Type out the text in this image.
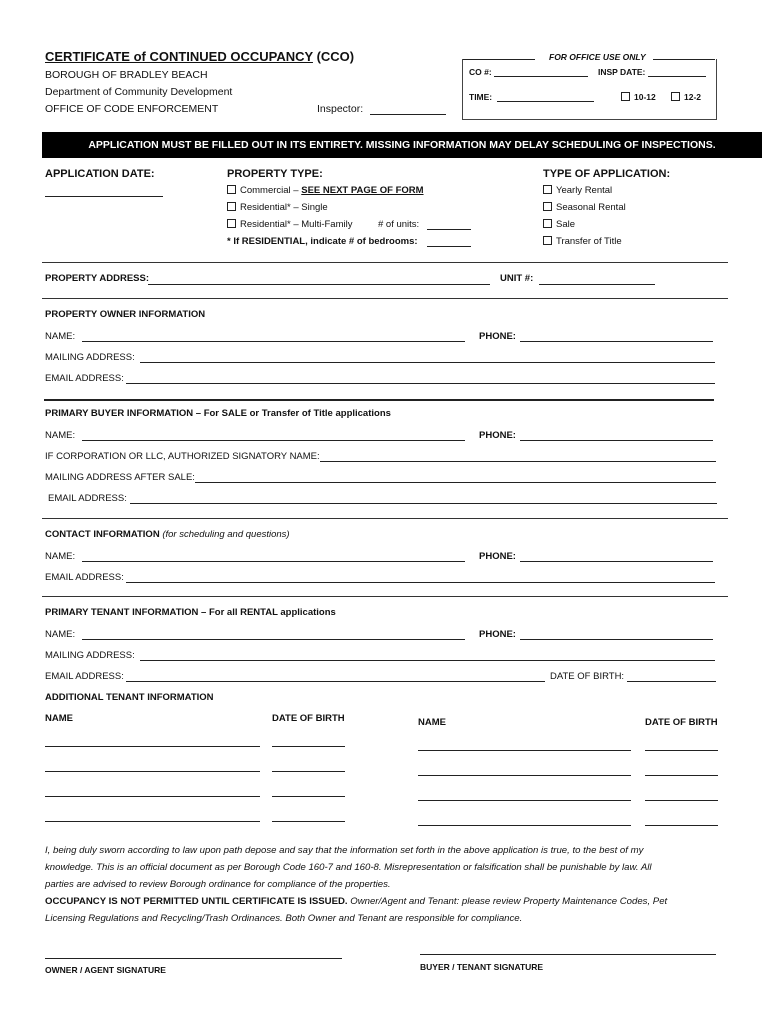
CERTIFICATE of CONTINUED OCCUPANCY (CCO)
BOROUGH OF BRADLEY BEACH
Department of Community Development
OFFICE OF CODE ENFORCEMENT	Inspector:
FOR OFFICE USE ONLY
CO #:	INSP DATE:
TIME:	10-12	12-2
APPLICATION MUST BE FILLED OUT IN ITS ENTIRETY. MISSING INFORMATION MAY DELAY SCHEDULING OF INSPECTIONS.
APPLICATION DATE:	PROPERTY TYPE:
Commercial – SEE NEXT PAGE OF FORM
Residential* – Single
Residential* – Multi-Family	# of units:
* If RESIDENTIAL, indicate # of bedrooms:
TYPE OF APPLICATION:
Yearly Rental
Seasonal Rental
Sale
Transfer of Title
PROPERTY ADDRESS:	UNIT #:
PROPERTY OWNER INFORMATION
NAME:	PHONE:
MAILING ADDRESS:
EMAIL ADDRESS:
PRIMARY BUYER INFORMATION – For SALE or Transfer of Title applications
NAME:	PHONE:
IF CORPORATION OR LLC, AUTHORIZED SIGNATORY NAME:
MAILING ADDRESS AFTER SALE:
EMAIL ADDRESS:
CONTACT INFORMATION (for scheduling and questions)
NAME:	PHONE:
EMAIL ADDRESS:
PRIMARY TENANT INFORMATION – For all RENTAL applications
NAME:	PHONE:
MAILING ADDRESS:
EMAIL ADDRESS:	DATE OF BIRTH:
ADDITIONAL TENANT INFORMATION
NAME	DATE OF BIRTH	NAME	DATE OF BIRTH
I, being duly sworn according to law upon path depose and say that the information set forth in the above application is true, to the best of my
knowledge. This is an official document as per Borough Code 160-7 and 160-8. Misrepresentation or falsification shall be punishable by law. All
parties are advised to review Borough ordinance for compliance of the properties.
OCCUPANCY IS NOT PERMITTED UNTIL CERTIFICATE IS ISSUED. Owner/Agent and Tenant: please review Property Maintenance Codes, Pet
Licensing Regulations and Recycling/Trash Ordinances. Both Owner and Tenant are responsible for compliance.
OWNER / AGENT SIGNATURE	BUYER / TENANT SIGNATURE
